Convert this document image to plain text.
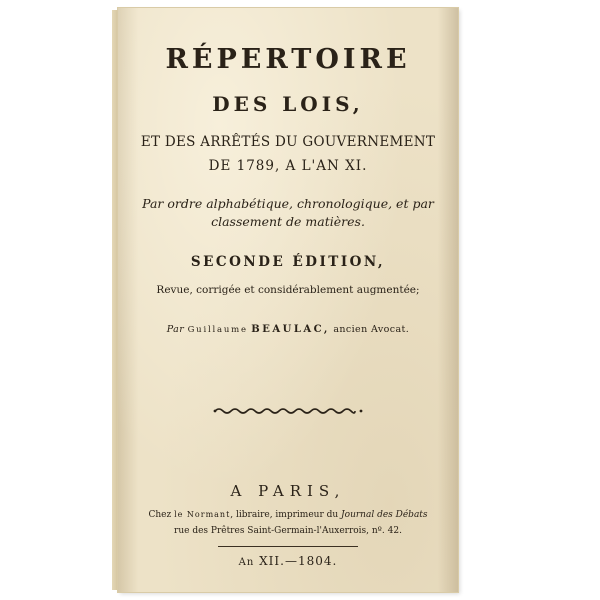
RÉPERTOIRE

DES LOIS,

ET DES ARRÊTÉS DU GOUVERNEMENT

DE 1789, A L'AN XI.

Par ordre alphabétique, chronologique, et par

classement de matières.

SECONDE ÉDITION,

Revue, corrigée et considérablement augmentée;

Par Guillaume BEAULAC, ancien Avocat.

A PARIS,

Chez le Normant, libraire, imprimeur du Journal des Débats

rue des Prêtres Saint-Germain-l'Auxerrois, nº. 42.

An XII.—1804.
